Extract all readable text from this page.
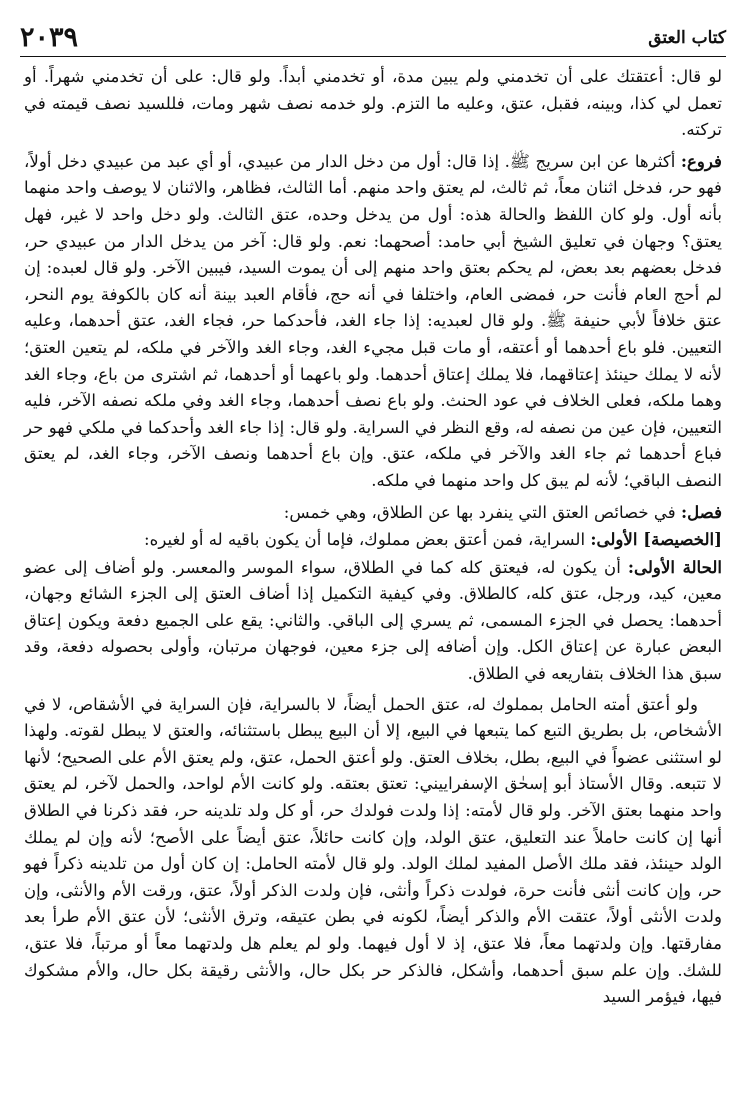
كتاب العتق
٢٠٣٩

لو قال: أعتقتك على أن تخدمني ولم يبين مدة، أو تخدمني أبداً. ولو قال: على أن تخدمني شهراً. أو تعمل لي كذا، وبينه، فقبل، عتق، وعليه ما التزم. ولو خدمه نصف شهر ومات، فللسيد نصف قيمته في تركته.

فروع: أكثرها عن ابن سريج ﷺ. إذا قال: أول من دخل الدار من عبيدي، أو أي عبد من عبيدي دخل أولاً، فهو حر، فدخل اثنان معاً، ثم ثالث، لم يعتق واحد منهم. أما الثالث، فظاهر، والاثنان لا يوصف واحد منهما بأنه أول. ولو كان اللفظ والحالة هذه: أول من يدخل وحده، عتق الثالث. ولو دخل واحد لا غير، فهل يعتق؟ وجهان في تعليق الشيخ أبي حامد: أصحهما: نعم. ولو قال: آخر من يدخل الدار من عبيدي حر، فدخل بعضهم بعد بعض، لم يحكم بعتق واحد منهم إلى أن يموت السيد، فيبين الآخر. ولو قال لعبده: إن لم أحج العام فأنت حر، فمضى العام، واختلفا في أنه حج، فأقام العبد بينة أنه كان بالكوفة يوم النحر، عتق خلافاً لأبي حنيفة ﷺ. ولو قال لعبديه: إذا جاء الغد، فأحدكما حر، فجاء الغد، عتق أحدهما، وعليه التعيين. فلو باع أحدهما أو أعتقه، أو مات قبل مجيء الغد، وجاء الغد والآخر في ملكه، لم يتعين العتق؛ لأنه لا يملك حينئذ إعتاقهما، فلا يملك إعتاق أحدهما. ولو باعهما أو أحدهما، ثم اشترى من باع، وجاء الغد وهما ملكه، فعلى الخلاف في عود الحنث. ولو باع نصف أحدهما، وجاء الغد وفي ملكه نصفه الآخر، فليه التعيين، فإن عين من نصفه له، وقع النظر في السراية. ولو قال: إذا جاء الغد وأحدكما في ملكي فهو حر فباع أحدهما ثم جاء الغد والآخر في ملكه، عتق. وإن باع أحدهما ونصف الآخر، وجاء الغد، لم يعتق النصف الباقي؛ لأنه لم يبق كل واحد منهما في ملكه.

فصل: في خصائص العتق التي ينفرد بها عن الطلاق، وهي خمس:

[الخصيصة] الأولى: السراية، فمن أعتق بعض مملوك، فإما أن يكون باقيه له أو لغيره:

الحالة الأولى: أن يكون له، فيعتق كله كما في الطلاق، سواء الموسر والمعسر. ولو أضاف إلى عضو معين، كيد، ورجل، عتق كله، كالطلاق. وفي كيفية التكميل إذا أضاف العتق إلى الجزء الشائع وجهان، أحدهما: يحصل في الجزء المسمى، ثم يسري إلى الباقي. والثاني: يقع على الجميع دفعة ويكون إعتاق البعض عبارة عن إعتاق الكل. وإن أضافه إلى جزء معين، فوجهان مرتبان، وأولى بحصوله دفعة، وقد سبق هذا الخلاف بتفاريعه في الطلاق.

ولو أعتق أمته الحامل بمملوك له، عتق الحمل أيضاً، لا بالسراية، فإن السراية في الأشقاص، لا في الأشخاص، بل بطريق التبع كما يتبعها في البيع، إلا أن البيع يبطل باستثنائه، والعتق لا يبطل لقوته. ولهذا لو استثنى عضواً في البيع، بطل، بخلاف العتق. ولو أعتق الحمل، عتق، ولم يعتق الأم على الصحيح؛ لأنها لا تتبعه. وقال الأستاذ أبو إسحٰق الإسفراييني: تعتق بعتقه. ولو كانت الأم لواحد، والحمل لآخر، لم يعتق واحد منهما بعتق الآخر. ولو قال لأمته: إذا ولدت فولدك حر، أو كل ولد تلدينه حر، فقد ذكرنا في الطلاق أنها إن كانت حاملاً عند التعليق، عتق الولد، وإن كانت حائلاً، عتق أيضاً على الأصح؛ لأنه وإن لم يملك الولد حينئذ، فقد ملك الأصل المفيد لملك الولد. ولو قال لأمته الحامل: إن كان أول من تلدينه ذكراً فهو حر، وإن كانت أنثى فأنت حرة، فولدت ذكراً وأنثى، فإن ولدت الذكر أولاً، عتق، ورقت الأم والأنثى، وإن ولدت الأنثى أولاً، عتقت الأم والذكر أيضاً، لكونه في بطن عتيقه، وترق الأنثى؛ لأن عتق الأم طرأ بعد مفارقتها. وإن ولدتهما معاً، فلا عتق، إذ لا أول فيهما. ولو لم يعلم هل ولدتهما معاً أو مرتباً، فلا عتق، للشك. وإن علم سبق أحدهما، وأشكل، فالذكر حر بكل حال، والأنثى رقيقة بكل حال، والأم مشكوك فيها، فيؤمر السيد
